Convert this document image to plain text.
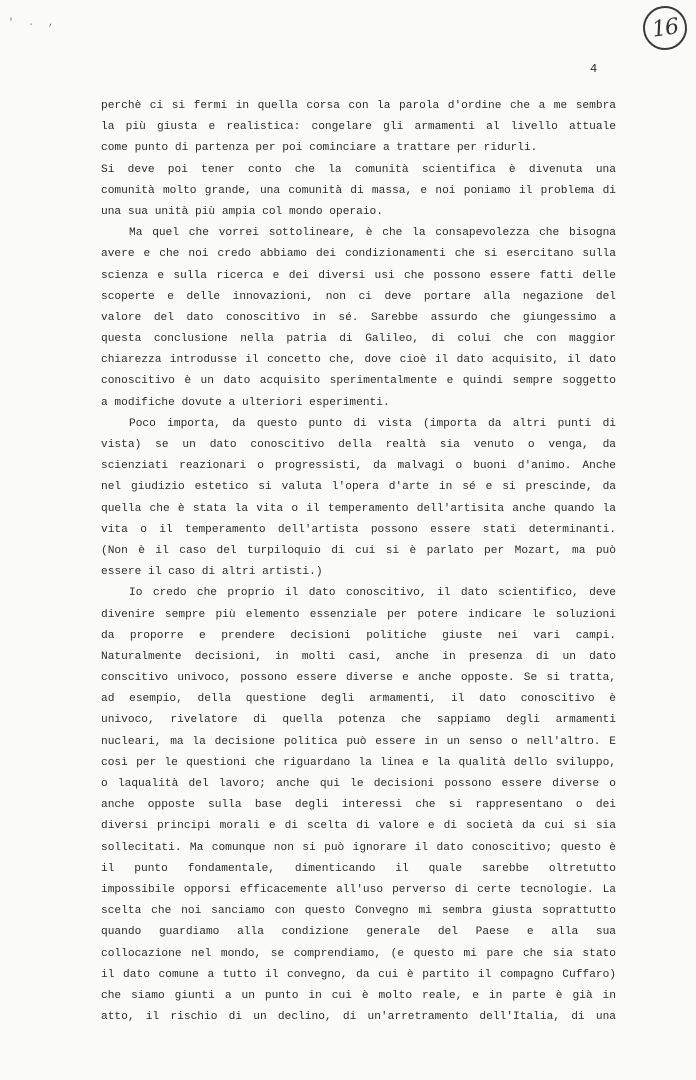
' . ,	16
4
perchè ci si fermi in quella corsa con la parola d'ordine che a me sembra
la più giusta e realistica: congelare gli armamenti al livello attuale
come punto di partenza per poi cominciare a trattare per ridurli.
Si deve poi tener conto che la comunità scientifica è divenuta una
comunità molto grande, una comunità di massa, e noi poniamo il problema di
una sua unità più ampia col mondo operaio.
Ma quel che vorrei sottolineare, è che la consapevolezza che bisogna
avere e che noi credo abbiamo dei condizionamenti che si esercitano sulla
scienza e sulla ricerca e dei diversi usi che possono essere fatti delle
scoperte e delle innovazioni, non ci deve portare alla negazione del
valore del dato conoscitivo in sé. Sarebbe assurdo che giungessimo a
questa conclusione nella patria di Galileo, di colui che con maggior
chiarezza introdusse il concetto che, dove cioè il dato acquisito, il dato
conoscitivo è un dato acquisito sperimentalmente e quindi sempre soggetto
a modifiche dovute a ulteriori esperimenti.
Poco importa, da questo punto di vista (importa da altri punti di
vista) se un dato conoscitivo della realtà sia venuto o venga, da
scienziati reazionari o progressisti, da malvagi o buoni d'animo. Anche
nel giudizio estetico si valuta l'opera d'arte in sé e si prescinde, da
quella che è stata la vita o il temperamento dell'artisita anche quando la
vita o il temperamento dell'artista possono essere stati determinanti.
(Non è il caso del turpiloquio di cui si è parlato per Mozart, ma può
essere il caso di altri artisti.)
Io credo che proprio il dato conoscitivo, il dato scientifico, deve
divenire sempre più elemento essenziale per potere indicare le soluzioni
da proporre e prendere decisioni politiche giuste nei vari campi.
Naturalmente decisioni, in molti casi, anche in presenza di un dato
conscitivo univoco, possono essere diverse e anche opposte. Se si tratta,
ad esempio, della questione degli armamenti, il dato conoscitivo è
univoco, rivelatore di quella potenza che sappiamo degli armamenti
nucleari, ma la decisione politica può essere in un senso o nell'altro. E
così per le questioni che riguardano la linea e la qualità dello sviluppo,
o laqualità del lavoro; anche qui le decisioni possono essere diverse o
anche opposte sulla base degli interessi che si rappresentano o dei
diversi principi morali e di scelta di valore e di società da cui si sia
sollecitati. Ma comunque non si può ignorare il dato conoscitivo; questo è
il punto fondamentale, dimenticando il quale sarebbe oltretutto
impossibile opporsi efficacemente all'uso perverso di certe tecnologie. La
scelta che noi sanciamo con questo Convegno mi sembra giusta soprattutto
quando guardiamo alla condizione generale del Paese e alla sua
collocazione nel mondo, se comprendiamo, (e questo mi pare che sia stato
il dato comune a tutto il convegno, da cui è partito il compagno Cuffaro)
che siamo giunti a un punto in cui è molto reale, e in parte è già in
atto, il rischio di un declino, di un'arretramento dell'Italia, di una
